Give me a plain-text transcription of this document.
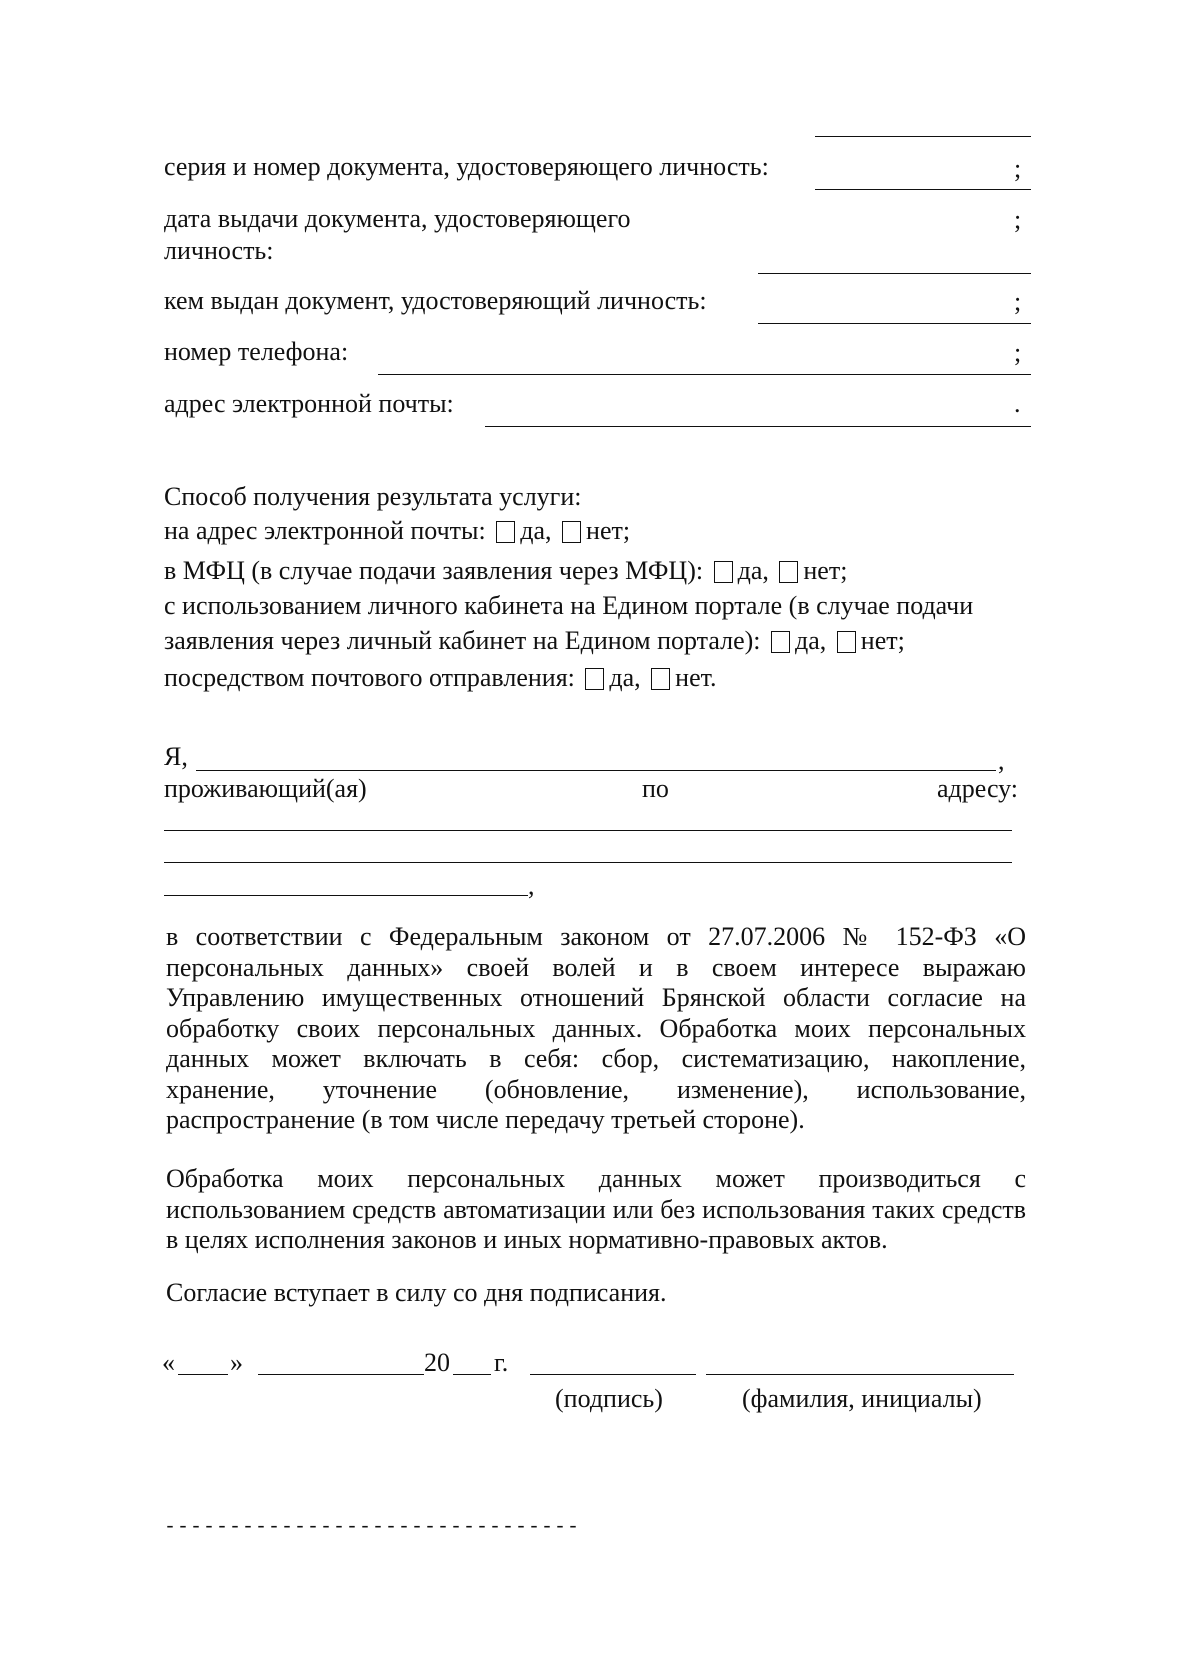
серия и номер документа, удостоверяющего личность:	;
дата выдачи документа, удостоверяющего
личность:
;
кем выдан документ, удостоверяющий личность:	;
номер телефона:	;
адрес электронной почты:	.
Способ получения результата услуги:
на адрес электронной почты: да, нет;
в МФЦ (в случае подачи заявления через МФЦ): да, нет;
с использованием личного кабинета на Едином портале (в случае подачи
заявления через личный кабинет на Едином портале): да, нет;
посредством почтового отправления: да, нет.
Я,	,
проживающий(ая)	по	адресу:
,
в соответствии с Федеральным законом от 27.07.2006 № 152-ФЗ «О персональных данных» своей волей и в своем интересе выражаю Управлению имущественных отношений Брянской области согласие на обработку своих персональных данных. Обработка моих персональных данных может включать в себя: сбор, систематизацию, накопление, хранение, уточнение (обновление, изменение), использование, распространение (в том числе передачу третьей стороне).
Обработка моих персональных данных может производиться с использованием средств автоматизации или без использования таких средств в целях исполнения законов и иных нормативно-правовых актов.
Согласие вступает в силу со дня подписания.
« »	20 г.
(подпись)	(фамилия, инициалы)
--------------------------------
